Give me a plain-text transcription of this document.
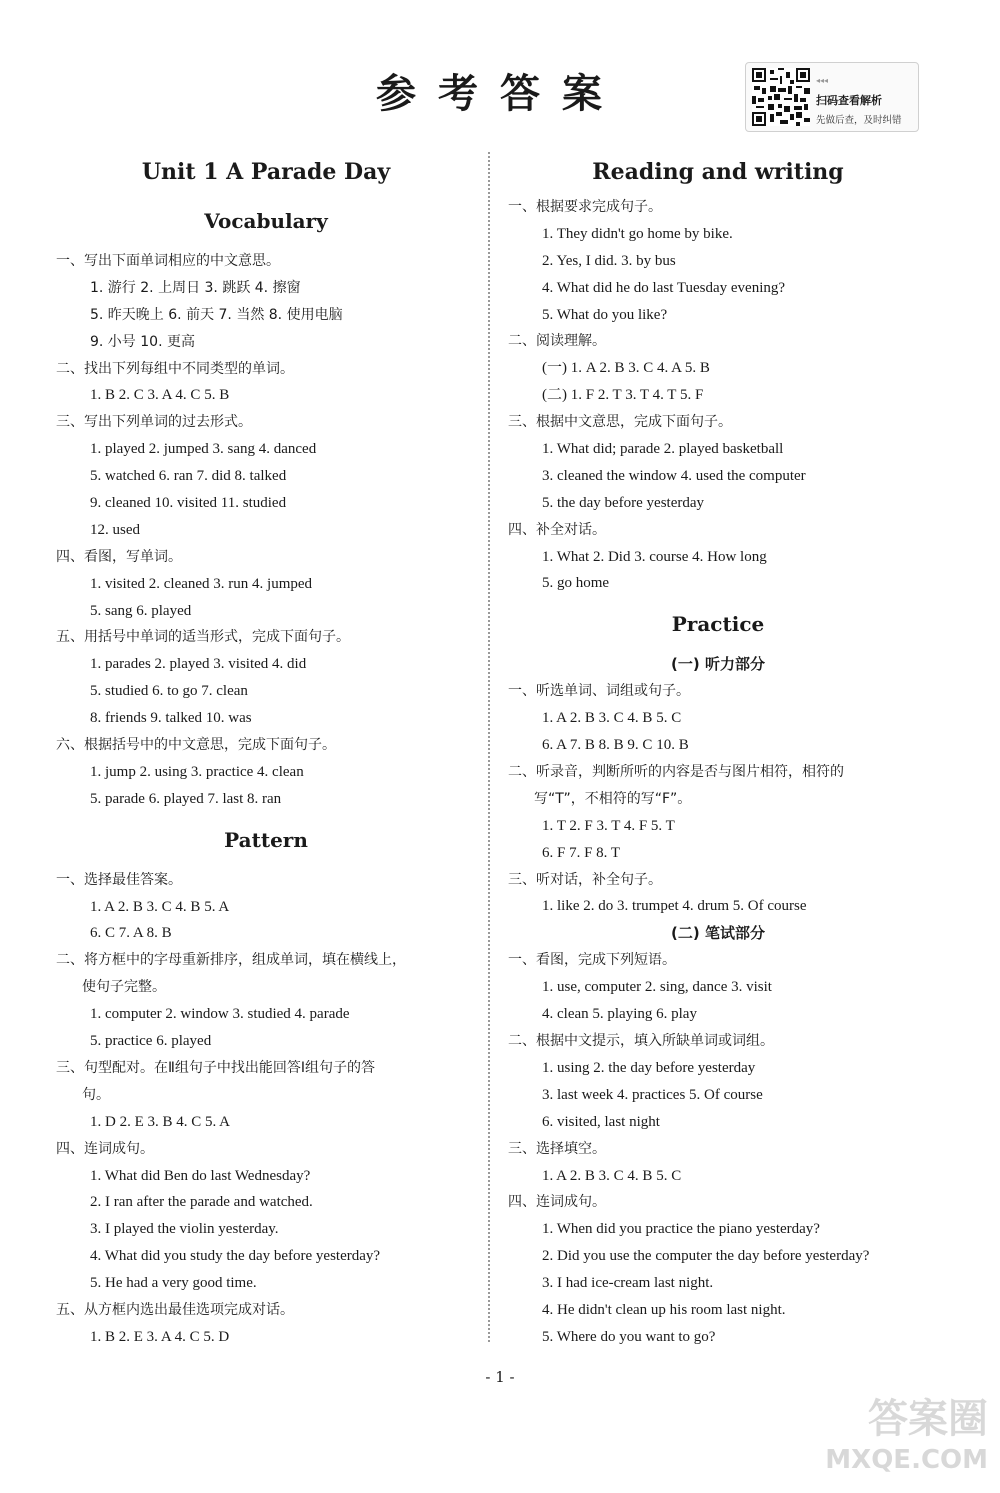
参考答案	◂◂◂
扫码查看解析
先做后查，及时纠错
Unit 1 A Parade Day
Vocabulary
一、写出下面单词相应的中文意思。
1. 游行 2. 上周日 3. 跳跃 4. 擦窗
5. 昨天晚上 6. 前天 7. 当然 8. 使用电脑
9. 小号 10. 更高
二、找出下列每组中不同类型的单词。
1. B 2. C 3. A 4. C 5. B
三、写出下列单词的过去形式。
1. played 2. jumped 3. sang 4. danced
5. watched 6. ran 7. did 8. talked
9. cleaned 10. visited 11. studied
12. used
四、看图，写单词。
1. visited 2. cleaned 3. run 4. jumped
5. sang 6. played
五、用括号中单词的适当形式，完成下面句子。
1. parades 2. played 3. visited 4. did
5. studied 6. to go 7. clean
8. friends 9. talked 10. was
六、根据括号中的中文意思，完成下面句子。
1. jump 2. using 3. practice 4. clean
5. parade 6. played 7. last 8. ran
Pattern
一、选择最佳答案。
1. A 2. B 3. C 4. B 5. A
6. C 7. A 8. B
二、将方框中的字母重新排序，组成单词，填在横线上，
使句子完整。
1. computer 2. window 3. studied 4. parade
5. practice 6. played
三、句型配对。在Ⅱ组句子中找出能回答Ⅰ组句子的答
句。
1. D 2. E 3. B 4. C 5. A
四、连词成句。
1. What did Ben do last Wednesday?
2. I ran after the parade and watched.
3. I played the violin yesterday.
4. What did you study the day before yesterday?
5. He had a very good time.
五、从方框内选出最佳选项完成对话。
1. B 2. E 3. A 4. C 5. D
Reading and writing
一、根据要求完成句子。
1. They didn't go home by bike.
2. Yes, I did. 3. by bus
4. What did he do last Tuesday evening?
5. What do you like?
二、阅读理解。
(一) 1. A 2. B 3. C 4. A 5. B
(二) 1. F 2. T 3. T 4. T 5. F
三、根据中文意思，完成下面句子。
1. What did; parade 2. played basketball
3. cleaned the window 4. used the computer
5. the day before yesterday
四、补全对话。
1. What 2. Did 3. course 4. How long
5. go home
Practice
(一) 听力部分
一、听选单词、词组或句子。
1. A 2. B 3. C 4. B 5. C
6. A 7. B 8. B 9. C 10. B
二、听录音，判断所听的内容是否与图片相符，相符的
写“T”，不相符的写“F”。
1. T 2. F 3. T 4. F 5. T
6. F 7. F 8. T
三、听对话，补全句子。
1. like 2. do 3. trumpet 4. drum 5. Of course
(二) 笔试部分
一、看图，完成下列短语。
1. use, computer 2. sing, dance 3. visit
4. clean 5. playing 6. play
二、根据中文提示，填入所缺单词或词组。
1. using 2. the day before yesterday
3. last week 4. practices 5. Of course
6. visited, last night
三、选择填空。
1. A 2. B 3. C 4. B 5. C
四、连词成句。
1. When did you practice the piano yesterday?
2. Did you use the computer the day before yesterday?
3. I had ice-cream last night.
4. He didn't clean up his room last night.
5. Where do you want to go?
- 1 -
答案圈
MXQE.COM
